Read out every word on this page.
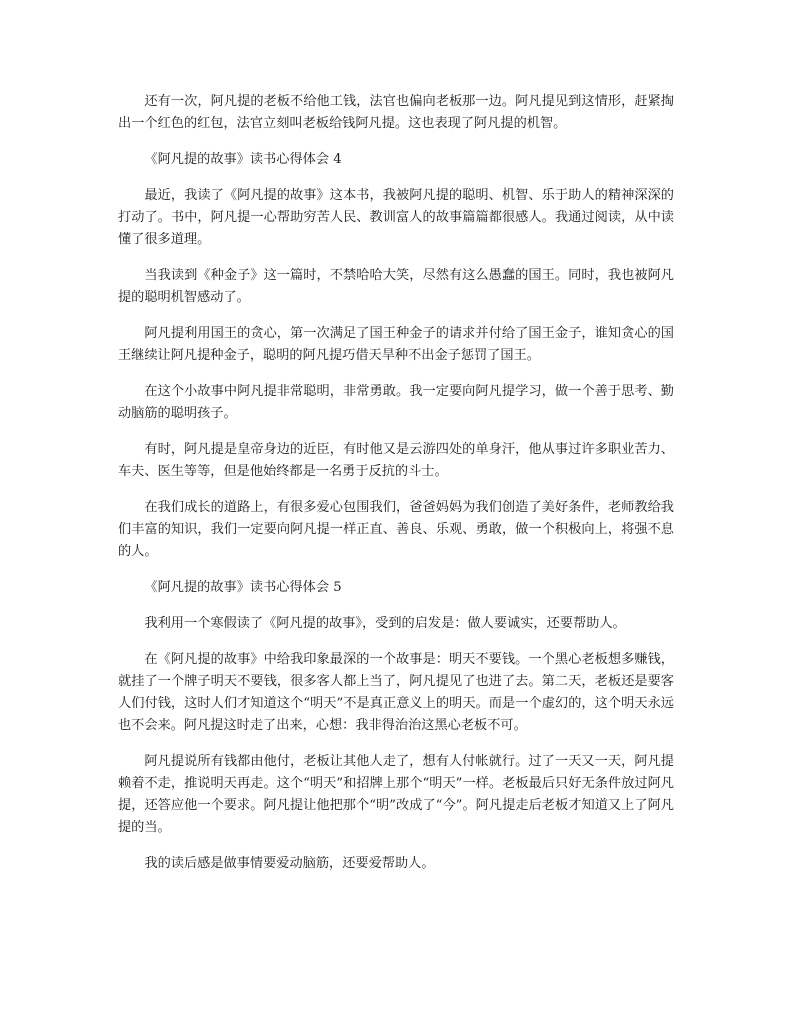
还有一次，阿凡提的老板不给他工钱，法官也偏向老板那一边。阿凡提见到这情形，赶紧掏出一个红色的红包，法官立刻叫老板给钱阿凡提。这也表现了阿凡提的机智。

《阿凡提的故事》读书心得体会 4

最近，我读了《阿凡提的故事》这本书，我被阿凡提的聪明、机智、乐于助人的精神深深的打动了。书中，阿凡提一心帮助穷苦人民、教训富人的故事篇篇都很感人。我通过阅读，从中读懂了很多道理。

当我读到《种金子》这一篇时，不禁哈哈大笑，尽然有这么愚蠢的国王。同时，我也被阿凡提的聪明机智感动了。

阿凡提利用国王的贪心，第一次满足了国王种金子的请求并付给了国王金子，谁知贪心的国王继续让阿凡提种金子，聪明的阿凡提巧借天旱种不出金子惩罚了国王。

在这个小故事中阿凡提非常聪明，非常勇敢。我一定要向阿凡提学习，做一个善于思考、勤动脑筋的聪明孩子。

有时，阿凡提是皇帝身边的近臣，有时他又是云游四处的单身汗，他从事过许多职业苦力、车夫、医生等等，但是他始终都是一名勇于反抗的斗士。

在我们成长的道路上，有很多爱心包围我们，爸爸妈妈为我们创造了美好条件，老师教给我们丰富的知识，我们一定要向阿凡提一样正直、善良、乐观、勇敢，做一个积极向上，将强不息的人。

《阿凡提的故事》读书心得体会 5

我利用一个寒假读了《阿凡提的故事》，受到的启发是：做人要诚实，还要帮助人。

在《阿凡提的故事》中给我印象最深的一个故事是：明天不要钱。一个黑心老板想多赚钱，就挂了一个牌子明天不要钱，很多客人都上当了，阿凡提见了也进了去。第二天，老板还是要客人们付钱，这时人们才知道这个“明天”不是真正意义上的明天。而是一个虚幻的，这个明天永远也不会来。阿凡提这时走了出来，心想：我非得治治这黑心老板不可。

阿凡提说所有钱都由他付，老板让其他人走了，想有人付帐就行。过了一天又一天，阿凡提赖着不走，推说明天再走。这个“明天”和招牌上那个“明天”一样。老板最后只好无条件放过阿凡提，还答应他一个要求。阿凡提让他把那个“明”改成了“今”。阿凡提走后老板才知道又上了阿凡提的当。

我的读后感是做事情要爱动脑筋，还要爱帮助人。
